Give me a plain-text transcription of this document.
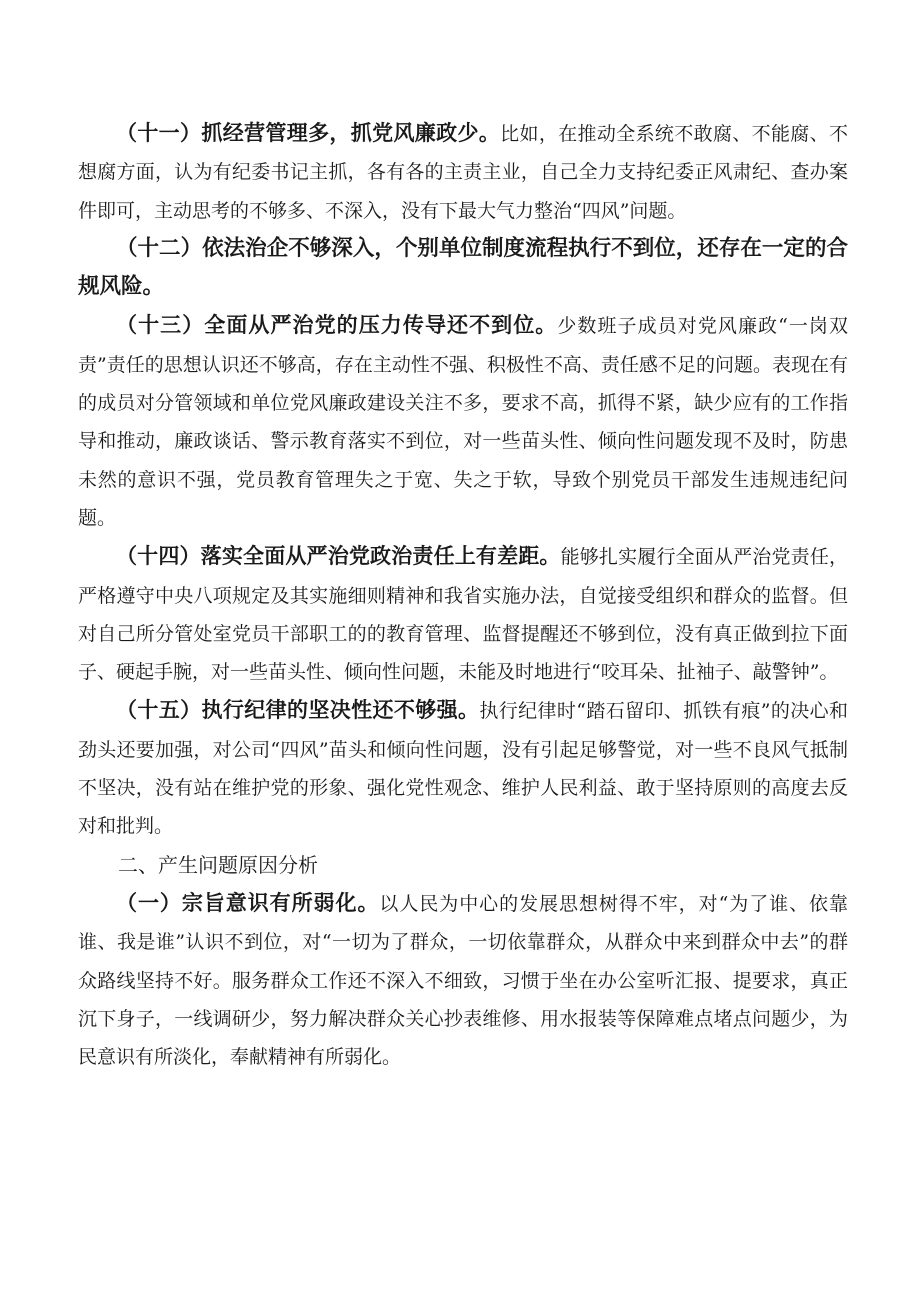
（十一）抓经营管理多，抓党风廉政少。比如，在推动全系统不敢腐、不能腐、不想腐方面，认为有纪委书记主抓，各有各的主责主业，自己全力支持纪委正风肃纪、查办案件即可，主动思考的不够多、不深入，没有下最大气力整治“四风”问题。

（十二）依法治企不够深入，个别单位制度流程执行不到位，还存在一定的合规风险。

（十三）全面从严治党的压力传导还不到位。少数班子成员对党风廉政“一岗双责”责任的思想认识还不够高，存在主动性不强、积极性不高、责任感不足的问题。表现在有的成员对分管领域和单位党风廉政建设关注不多，要求不高，抓得不紧，缺少应有的工作指导和推动，廉政谈话、警示教育落实不到位，对一些苗头性、倾向性问题发现不及时，防患未然的意识不强，党员教育管理失之于宽、失之于软，导致个别党员干部发生违规违纪问题。

（十四）落实全面从严治党政治责任上有差距。能够扎实履行全面从严治党责任，严格遵守中央八项规定及其实施细则精神和我省实施办法，自觉接受组织和群众的监督。但对自己所分管处室党员干部职工的的教育管理、监督提醒还不够到位，没有真正做到拉下面子、硬起手腕，对一些苗头性、倾向性问题，未能及时地进行“咬耳朵、扯袖子、敲警钟”。

（十五）执行纪律的坚决性还不够强。执行纪律时“踏石留印、抓铁有痕”的决心和劲头还要加强，对公司“四风”苗头和倾向性问题，没有引起足够警觉，对一些不良风气抵制不坚决，没有站在维护党的形象、强化党性观念、维护人民利益、敢于坚持原则的高度去反对和批判。

二、产生问题原因分析

（一）宗旨意识有所弱化。以人民为中心的发展思想树得不牢，对“为了谁、依靠谁、我是谁”认识不到位，对“一切为了群众，一切依靠群众，从群众中来到群众中去”的群众路线坚持不好。服务群众工作还不深入不细致，习惯于坐在办公室听汇报、提要求，真正沉下身子，一线调研少，努力解决群众关心抄表维修、用水报装等保障难点堵点问题少，为民意识有所淡化，奉献精神有所弱化。
